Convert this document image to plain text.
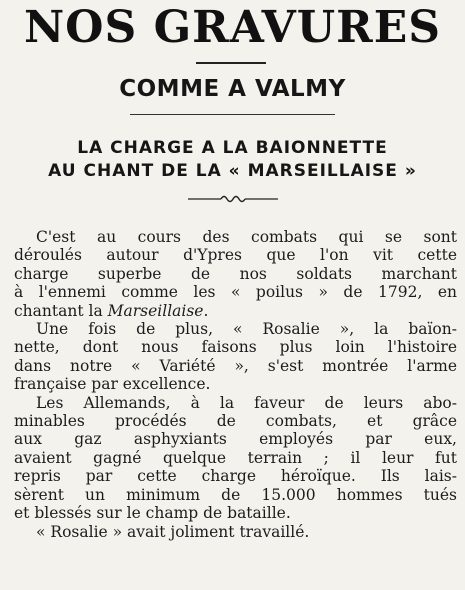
NOS GRAVURES
COMME A VALMY
LA CHARGE A LA BAIONNETTE
AU CHANT DE LA « MARSEILLAISE »
C'est au cours des combats qui se sont
déroulés autour d'Ypres que l'on vit cette
charge superbe de nos soldats marchant
à l'ennemi comme les « poilus » de 1792, en
chantant la Marseillaise.
Une fois de plus, « Rosalie », la baïon-
nette, dont nous faisons plus loin l'histoire
dans notre « Variété », s'est montrée l'arme
française par excellence.
Les Allemands, à la faveur de leurs abo-
minables procédés de combats, et grâce
aux gaz asphyxiants employés par eux,
avaient gagné quelque terrain ; il leur fut
repris par cette charge héroïque. Ils lais-
sèrent un minimum de 15.000 hommes tués
et blessés sur le champ de bataille.
« Rosalie » avait joliment travaillé.
